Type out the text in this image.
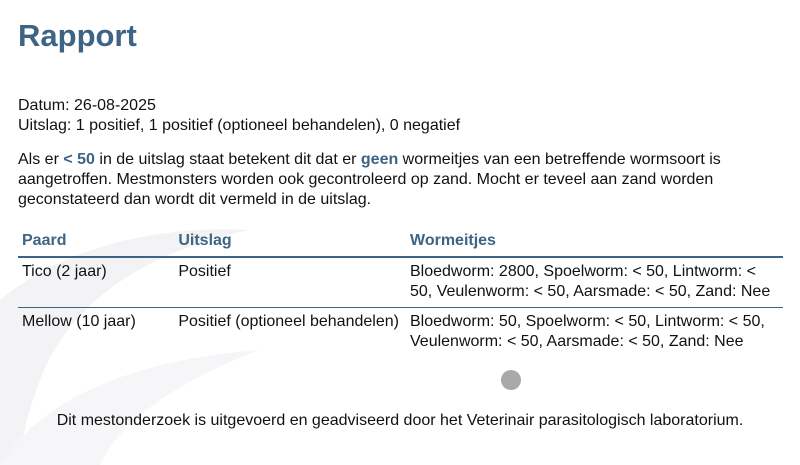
Rapport
Datum: 26-08-2025
Uitslag: 1 positief, 1 positief (optioneel behandelen), 0 negatief
Als er < 50 in de uitslag staat betekent dit dat er geen wormeitjes van een betreffende wormsoort is aangetroffen. Mestmonsters worden ook gecontroleerd op zand. Mocht er teveel aan zand worden geconstateerd dan wordt dit vermeld in de uitslag.
Paard	Uitslag	Wormeitjes
Tico (2 jaar)	Positief	Bloedworm: 2800, Spoelworm: < 50, Lintworm: < 50, Veulenworm: < 50, Aarsmade: < 50, Zand: Nee
Mellow (10 jaar)	Positief (optioneel behandelen)	Bloedworm: 50, Spoelworm: < 50, Lintworm: < 50, Veulenworm: < 50, Aarsmade: < 50, Zand: Nee
Dit mestonderzoek is uitgevoerd en geadviseerd door het Veterinair parasitologisch laboratorium.
